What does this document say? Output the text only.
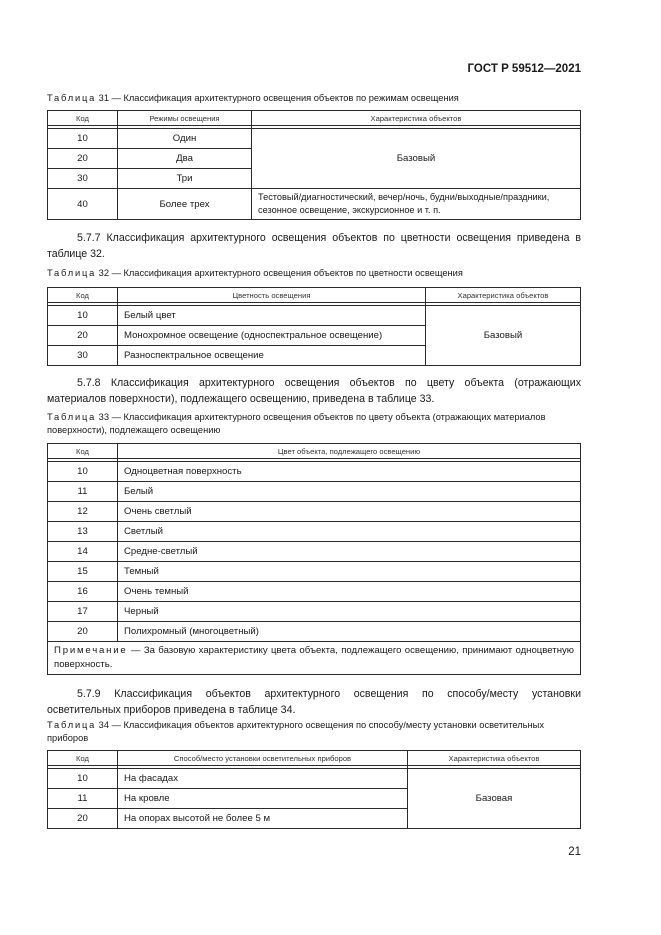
ГОСТ Р 59512—2021
Таблица 31 — Классификация архитектурного освещения объектов по режимам освещения
Код	Режимы освещения	Характеристика объектов

10	Один	Базовый
20	Два	
30	Три	
40	Более трех	Тестовый/диагностический, вечер/ночь, будни/выходные/праздники, сезонное освещение, экскурсионное и т. п.
5.7.7 Классификация архитектурного освещения объектов по цветности освещения приведена в таблице 32.
Таблица 32 — Классификация архитектурного освещения объектов по цветности освещения
Код	Цветность освещения	Характеристика объектов

10	Белый цвет	Базовый
20	Монохромное освещение (односпектральное освещение)	
30	Разноспектральное освещение	
5.7.8 Классификация архитектурного освещения объектов по цвету объекта (отражающих материалов поверхности), подлежащего освещению, приведена в таблице 33.
Таблица 33 — Классификация архитектурного освещения объектов по цвету объекта (отражающих материалов поверхности), подлежащего освещению
Код	Цвет объекта, подлежащего освещению

10	Одноцветная поверхность
11	Белый
12	Очень светлый
13	Светлый
14	Средне-светлый
15	Темный
16	Очень темный
17	Черный
20	Полихромный (многоцветный)
Примечание — За базовую характеристику цвета объекта, подлежащего освещению, принимают одноцветную поверхность.	
5.7.9 Классификация объектов архитектурного освещения по способу/месту установки осветительных приборов приведена в таблице 34.
Таблица 34 — Классификация объектов архитектурного освещения по способу/месту установки осветительных приборов
Код	Способ/место установки осветительных приборов	Характеристика объектов

10	На фасадах	Базовая
11	На кровле	
20	На опорах высотой не более 5 м	
21
